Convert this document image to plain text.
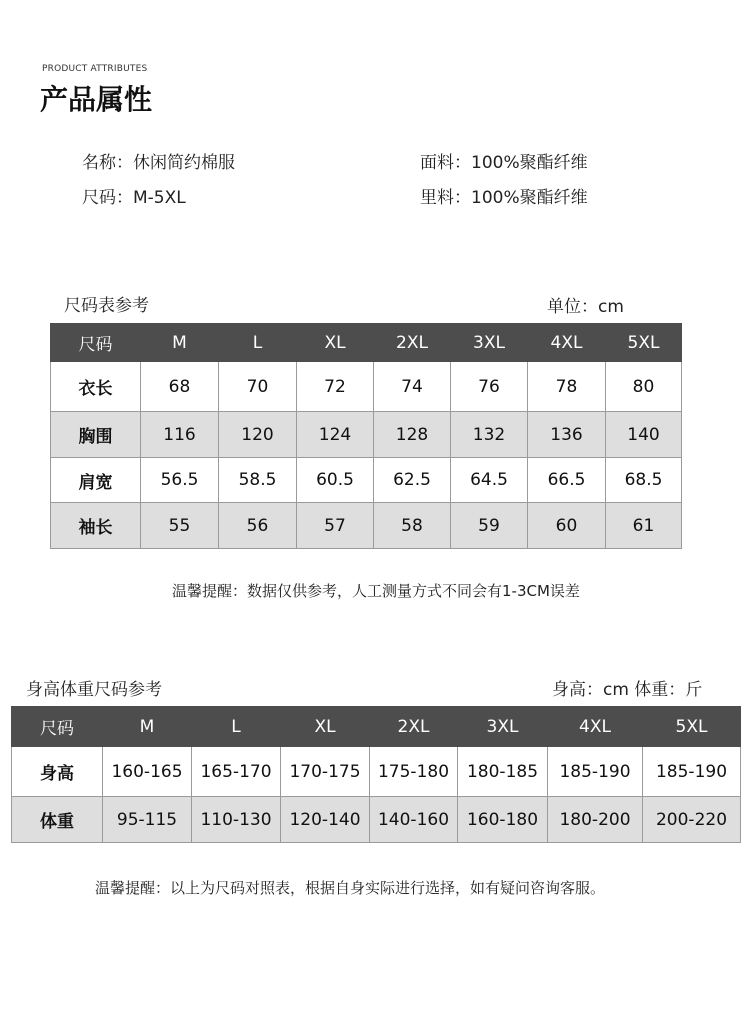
PRODUCT ATTRIBUTES
产品属性
名称：休闲简约棉服
尺码：M-5XL
面料：100%聚酯纤维
里料：100%聚酯纤维
尺码表参考	单位：cm
尺码	M	L	XL	2XL	3XL	4XL	5XL
衣长	68	70	72	74	76	78	80
胸围	116	120	124	128	132	136	140
肩宽	56.5	58.5	60.5	62.5	64.5	66.5	68.5
袖长	55	56	57	58	59	60	61
温馨提醒：数据仅供参考，人工测量方式不同会有1-3CM误差
身高体重尺码参考	身高：cm 体重：斤
尺码	M	L	XL	2XL	3XL	4XL	5XL
身高	160-165	165-170	170-175	175-180	180-185	185-190	185-190
体重	95-115	110-130	120-140	140-160	160-180	180-200	200-220
温馨提醒：以上为尺码对照表，根据自身实际进行选择，如有疑问咨询客服。
